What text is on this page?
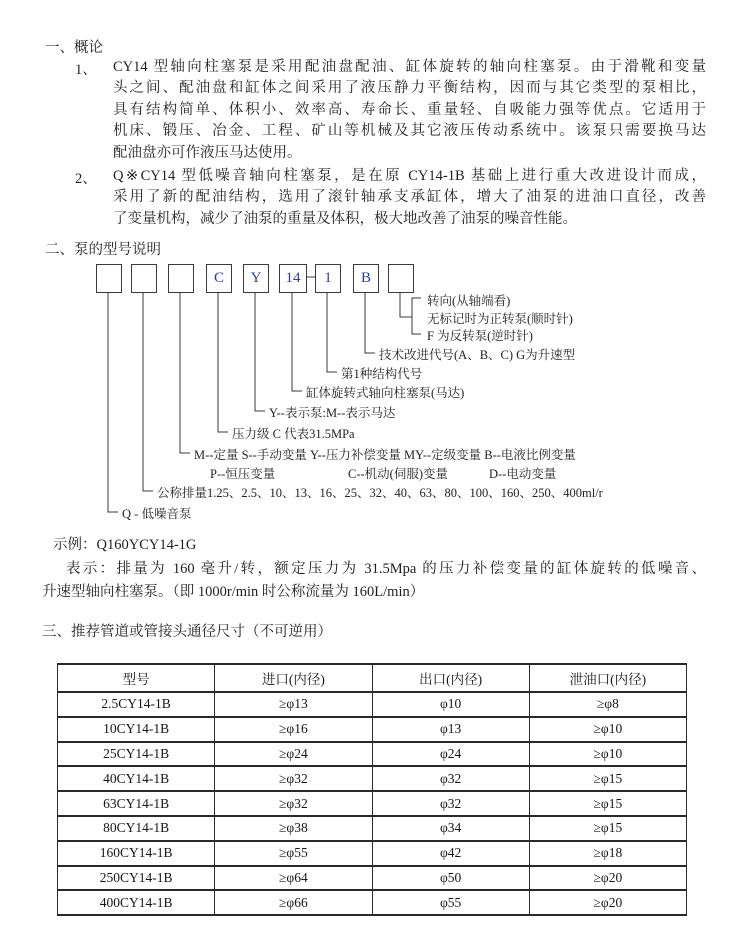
一、概论
1、 CY14 型轴向柱塞泵是采用配油盘配油、缸体旋转的轴向柱塞泵。由于滑靴和变量
头之间、配油盘和缸体之间采用了液压静力平衡结构，因而与其它类型的泵相比，
具有结构简单、体积小、效率高、寿命长、重量轻、自吸能力强等优点。它适用于
机床、锻压、冶金、工程、矿山等机械及其它液压传动系统中。该泵只需要换马达
配油盘亦可作液压马达使用。
2、 Q※CY14 型低噪音轴向柱塞泵，是在原 CY14-1B 基础上进行重大改进设计而成，
采用了新的配油结构，选用了滚针轴承支承缸体，增大了油泵的进油口直径，改善
了变量机构，减少了油泵的重量及体积，极大地改善了油泵的噪音性能。
二、泵的型号说明
C	Y	14	1	B
转向(从轴端看)
无标记时为正转泵(顺时针)
F 为反转泵(逆时针)
技术改进代号(A、B、C) G为升速型
第1种结构代号
缸体旋转式轴向柱塞泵(马达)
Y--表示泵:M--表示马达
压力级 C 代表31.5MPa
M--定量 S--手动变量 Y--压力补偿变量 MY--定级变量 B--电液比例变量
P--恒压变量	C--机动(伺服)变量	D--电动变量
公称排量1.25、2.5、10、13、16、25、32、40、63、80、100、160、250、400ml/r
Q - 低噪音泵
示例：Q160YCY14-1G
表示：排量为 160 毫升/转，额定压力为 31.5Mpa 的压力补偿变量的缸体旋转的低噪音、
升速型轴向柱塞泵。（即 1000r/min 时公称流量为 160L/min）
三、推荐管道或管接头通径尺寸（不可逆用）
型号	进口(内径)	出口(内径)	泄油口(内径)
2.5CY14-1B	≥φ13	φ10	≥φ8
10CY14-1B	≥φ16	φ13	≥φ10
25CY14-1B	≥φ24	φ24	≥φ10
40CY14-1B	≥φ32	φ32	≥φ15
63CY14-1B	≥φ32	φ32	≥φ15
80CY14-1B	≥φ38	φ34	≥φ15
160CY14-1B	≥φ55	φ42	≥φ18
250CY14-1B	≥φ64	φ50	≥φ20
400CY14-1B	≥φ66	φ55	≥φ20
